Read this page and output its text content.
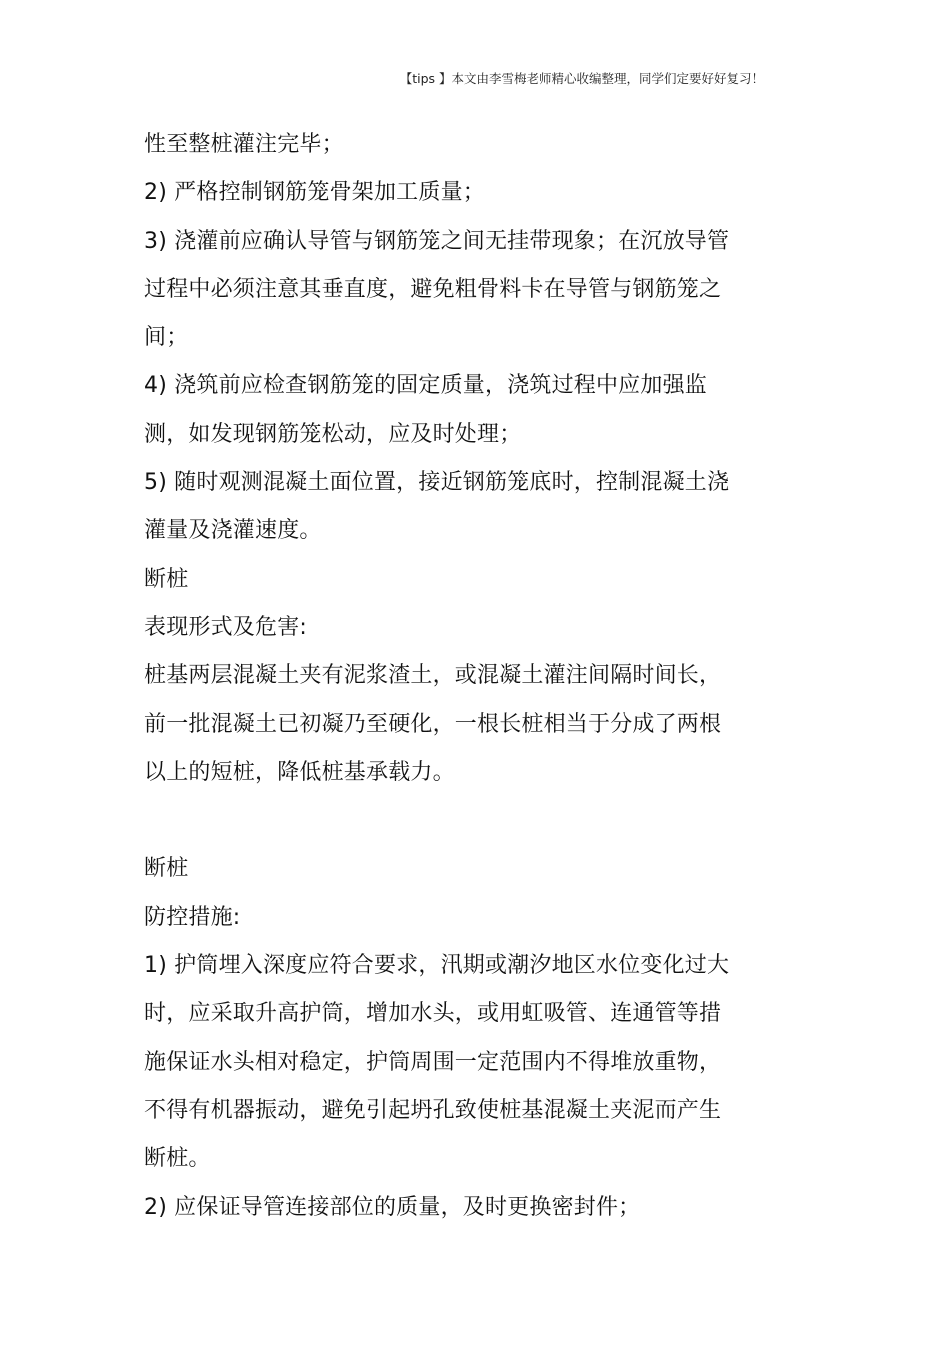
【tips 】本文由李雪梅老师精心收编整理，同学们定要好好复习！
性至整桩灌注完毕；
2) 严格控制钢筋笼骨架加工质量；
3) 浇灌前应确认导管与钢筋笼之间无挂带现象；在沉放导管
过程中必须注意其垂直度，避免粗骨料卡在导管与钢筋笼之
间；
4) 浇筑前应检查钢筋笼的固定质量，浇筑过程中应加强监
测，如发现钢筋笼松动，应及时处理；
5) 随时观测混凝土面位置，接近钢筋笼底时，控制混凝土浇
灌量及浇灌速度。
断桩
表现形式及危害:
桩基两层混凝土夹有泥浆渣土，或混凝土灌注间隔时间长，
前一批混凝土已初凝乃至硬化，一根长桩相当于分成了两根
以上的短桩，降低桩基承载力。
断桩
防控措施:
1) 护筒埋入深度应符合要求，汛期或潮汐地区水位变化过大
时，应采取升高护筒，增加水头，或用虹吸管、连通管等措
施保证水头相对稳定，护筒周围一定范围内不得堆放重物，
不得有机器振动，避免引起坍孔致使桩基混凝土夹泥而产生
断桩。
2) 应保证导管连接部位的质量，及时更换密封件；
